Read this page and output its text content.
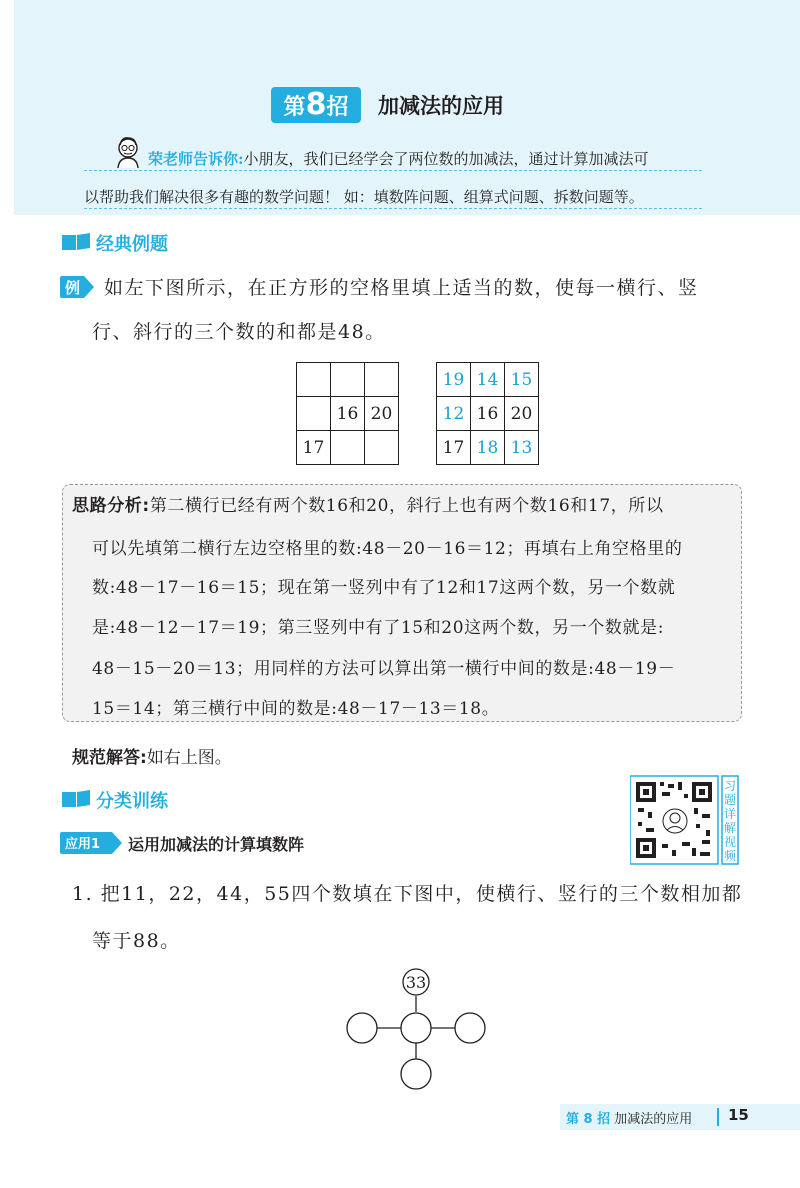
第8招	加减法的应用
荣老师告诉你:小朋友，我们已经学会了两位数的加减法，通过计算加减法可
以帮助我们解决很多有趣的数学问题！ 如：填数阵问题、组算式问题、拆数问题等。
经典例题
例 如左下图所示，在正方形的空格里填上适当的数，使每一横行、竖
行、斜行的三个数的和都是48。

	16	20
17		
19	14	15
12	16	20
17	18	13
思路分析:第二横行已经有两个数16和20，斜行上也有两个数16和17，所以
可以先填第二横行左边空格里的数:48－20－16＝12；再填右上角空格里的
数:48－17－16＝15；现在第一竖列中有了12和17这两个数，另一个数就
是:48－12－17＝19；第三竖列中有了15和20这两个数，另一个数就是:
48－15－20＝13；用同样的方法可以算出第一横行中间的数是:48－19－
15＝14；第三横行中间的数是:48－17－13＝18。
规范解答:如右上图。
分类训练
习
题
详
解
视
频
应用1 运用加减法的计算填数阵
1. 把11，22，44，55四个数填在下图中，使横行、竖行的三个数相加都
等于88。
33
第 8 招 加减法的应用 15
